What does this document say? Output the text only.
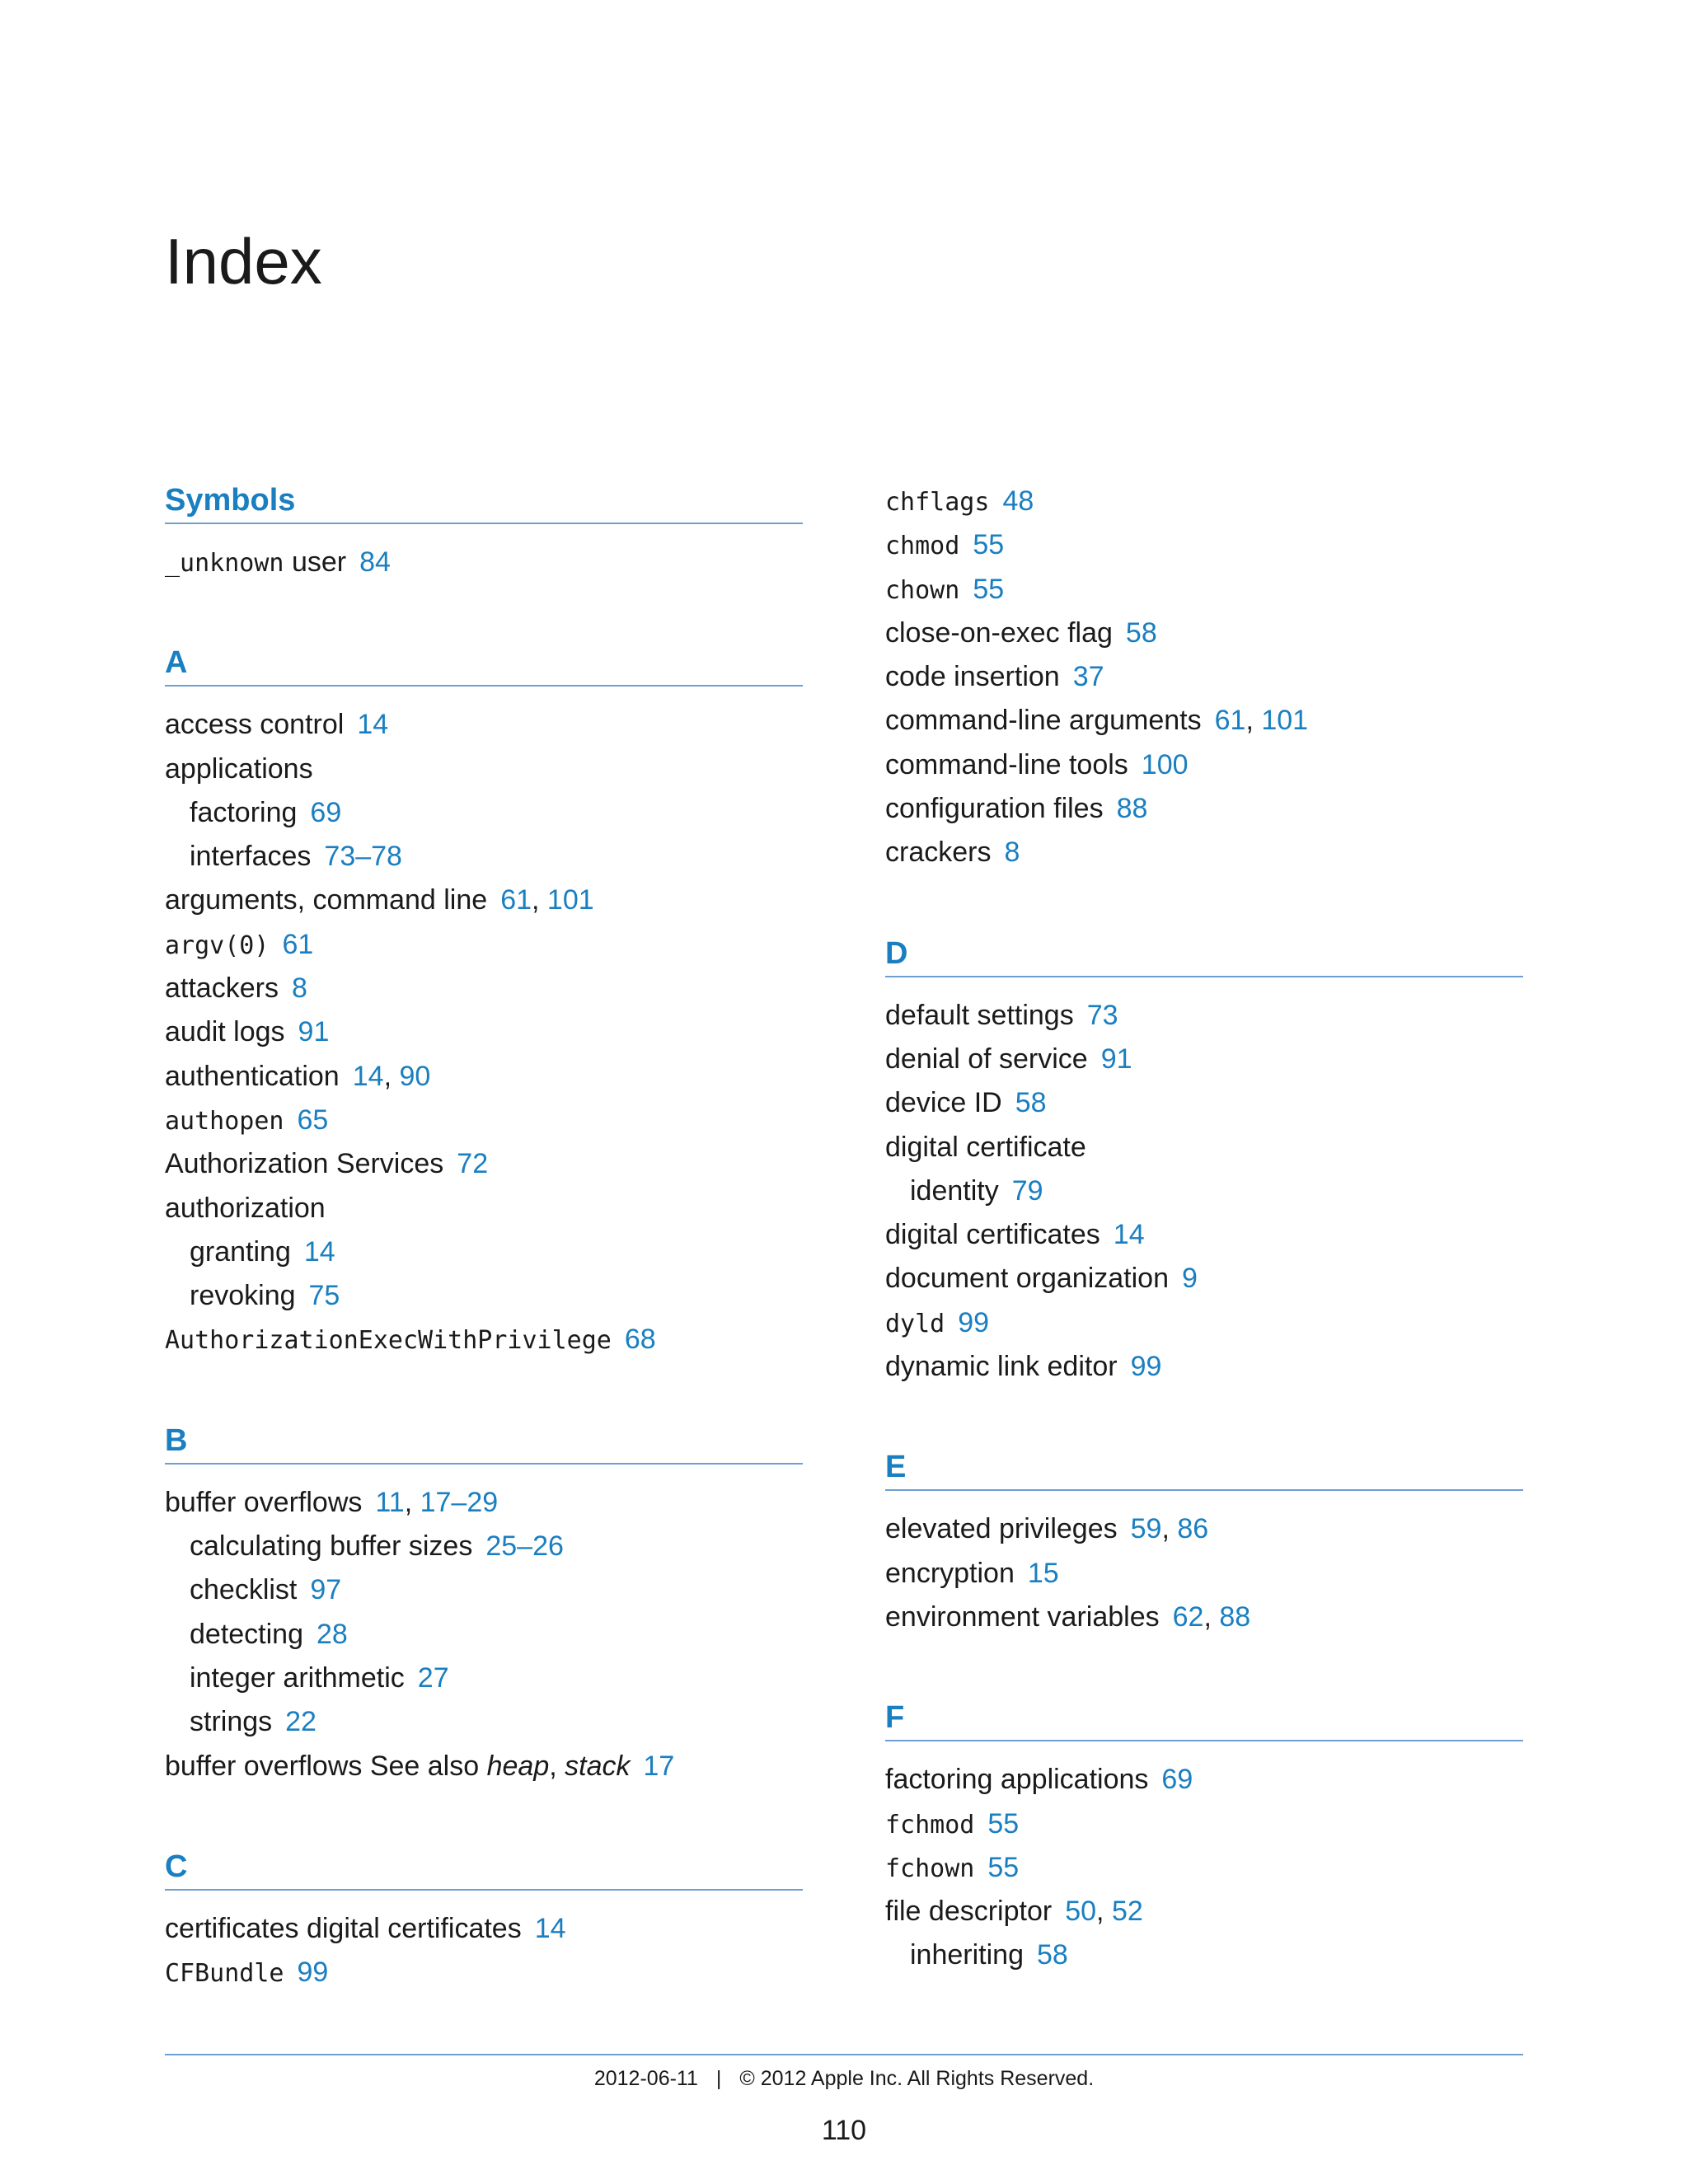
Index
Symbols
_unknown user 84
A
access control 14
applications
factoring 69
interfaces 73–78
arguments, command line 61, 101
argv(0) 61
attackers 8
audit logs 91
authentication 14, 90
authopen 65
Authorization Services 72
authorization
granting 14
revoking 75
AuthorizationExecWithPrivilege 68
B
buffer overflows 11, 17–29
calculating buffer sizes 25–26
checklist 97
detecting 28
integer arithmetic 27
strings 22
buffer overflows See also heap, stack 17
C
certificates digital certificates 14
CFBundle 99
chflags 48
chmod 55
chown 55
close-on-exec flag 58
code insertion 37
command-line arguments 61, 101
command-line tools 100
configuration files 88
crackers 8
D
default settings 73
denial of service 91
device ID 58
digital certificate
identity 79
digital certificates 14
document organization 9
dyld 99
dynamic link editor 99
E
elevated privileges 59, 86
encryption 15
environment variables 62, 88
F
factoring applications 69
fchmod 55
fchown 55
file descriptor 50, 52
inheriting 58
2012-06-11 | © 2012 Apple Inc. All Rights Reserved.
110
